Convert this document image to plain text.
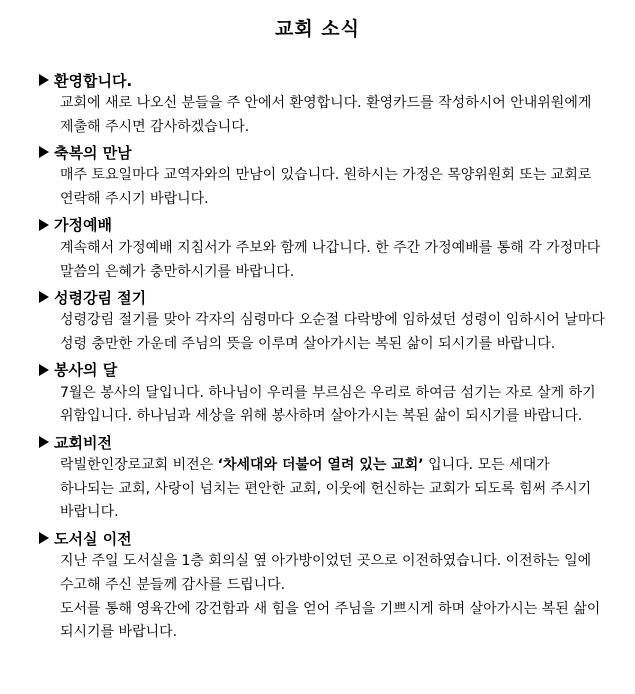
교회 소식
환영합니다.

교회에 새로 나오신 분들을 주 안에서 환영합니다. 환영카드를 작성하시어 안내위원에게 제출해 주시면 감사하겠습니다.

축복의 만남

매주 토요일마다 교역자와의 만남이 있습니다. 원하시는 가정은 목양위원회 또는 교회로 연락해 주시기 바랍니다.

가정예배

계속해서 가정예배 지침서가 주보와 함께 나갑니다. 한 주간 가정예배를 통해 각 가정마다 말씀의 은혜가 충만하시기를 바랍니다.

성령강림 절기

성령강림 절기를 맞아 각자의 심령마다 오순절 다락방에 임하셨던 성령이 임하시어 날마다 성령 충만한 가운데 주님의 뜻을 이루며 살아가시는 복된 삶이 되시기를 바랍니다.

봉사의 달

7월은 봉사의 달입니다. 하나님이 우리를 부르심은 우리로 하여금 섬기는 자로 살게 하기 위함입니다. 하나님과 세상을 위해 봉사하며 살아가시는 복된 삶이 되시기를 바랍니다.

교회비전

락빌한인장로교회 비전은 ‘차세대와 더불어 열려 있는 교회’ 입니다. 모든 세대가 하나되는 교회, 사랑이 넘치는 편안한 교회, 이웃에 헌신하는 교회가 되도록 힘써 주시기 바랍니다.

도서실 이전

지난 주일 도서실을 1층 회의실 옆 아가방이었던 곳으로 이전하였습니다. 이전하는 일에 수고해 주신 분들께 감사를 드립니다.

도서를 통해 영육간에 강건함과 새 힘을 얻어 주님을 기쁘시게 하며 살아가시는 복된 삶이 되시기를 바랍니다.
